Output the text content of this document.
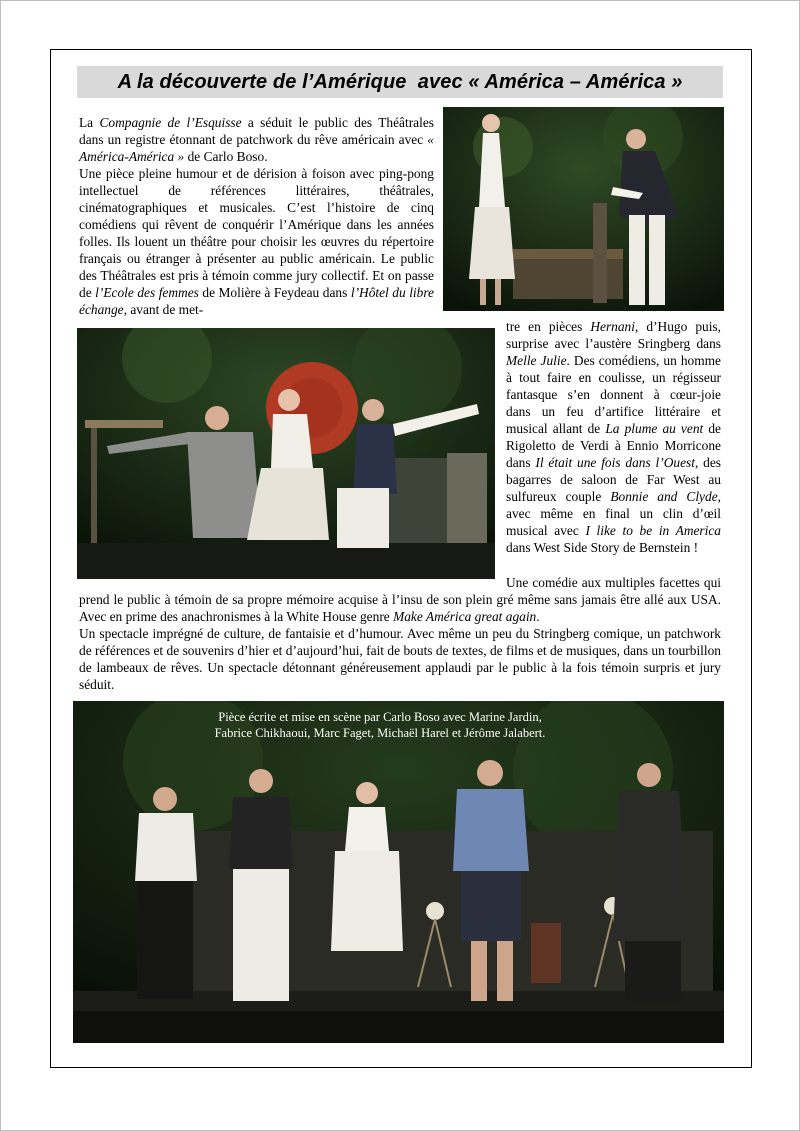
A la découverte de l’Amérique  avec « América – América »
La Compagnie de l’Esquisse a séduit le public des Théâtrales dans un registre étonnant de patchwork du rêve américain avec « América-América » de Carlo Boso.
Une pièce pleine humour et de dérision à foison avec ping-pong intellectuel de références littéraires, théâtrales, cinématographiques et musicales. C’est l’histoire de cinq comédiens qui rêvent de conquérir l’Amérique dans les années folles. Ils louent un théâtre pour choisir les œuvres du répertoire français ou étranger à présenter au public américain. Le public des Théâtrales est pris à témoin comme jury collectif. Et on passe de l’Ecole des femmes de Molière à Feydeau dans l’Hôtel du libre échange, avant de met-
tre en pièces Hernani, d’Hugo puis, surprise avec l’austère Sringberg dans Melle Julie. Des comédiens, un homme à tout faire en coulisse, un régisseur fantasque s’en donnent à cœur-joie dans un feu d’artifice littéraire et musical allant de La plume au vent de Rigoletto de Verdi à Ennio Morricone dans Il était une fois dans l’Ouest, des bagarres de saloon de Far West au sulfureux couple Bonnie and Clyde, avec même en final un clin d’œil musical avec I like to be in America dans West Side Story de Bernstein !
Une comédie aux multiples facettes qui prend le public à témoin de sa propre mémoire acquise à l’insu de son plein gré même sans jamais être allé aux USA. Avec en prime des anachronismes à la White House genre Make América great again.
Un spectacle imprégné de culture, de fantaisie et d’humour. Avec même un peu du Stringberg comique, un patchwork de références et de souvenirs d’hier et d’aujourd’hui, fait de bouts de textes, de films et de musiques, dans un tourbillon de lambeaux de rêves. Un spectacle détonnant généreusement applaudi par le public à la fois témoin surpris et jury séduit.
Pièce écrite et mise en scène par Carlo Boso avec Marine Jardin,
Fabrice Chikhaoui, Marc Faget, Michaël Harel et Jérôme Jalabert.
